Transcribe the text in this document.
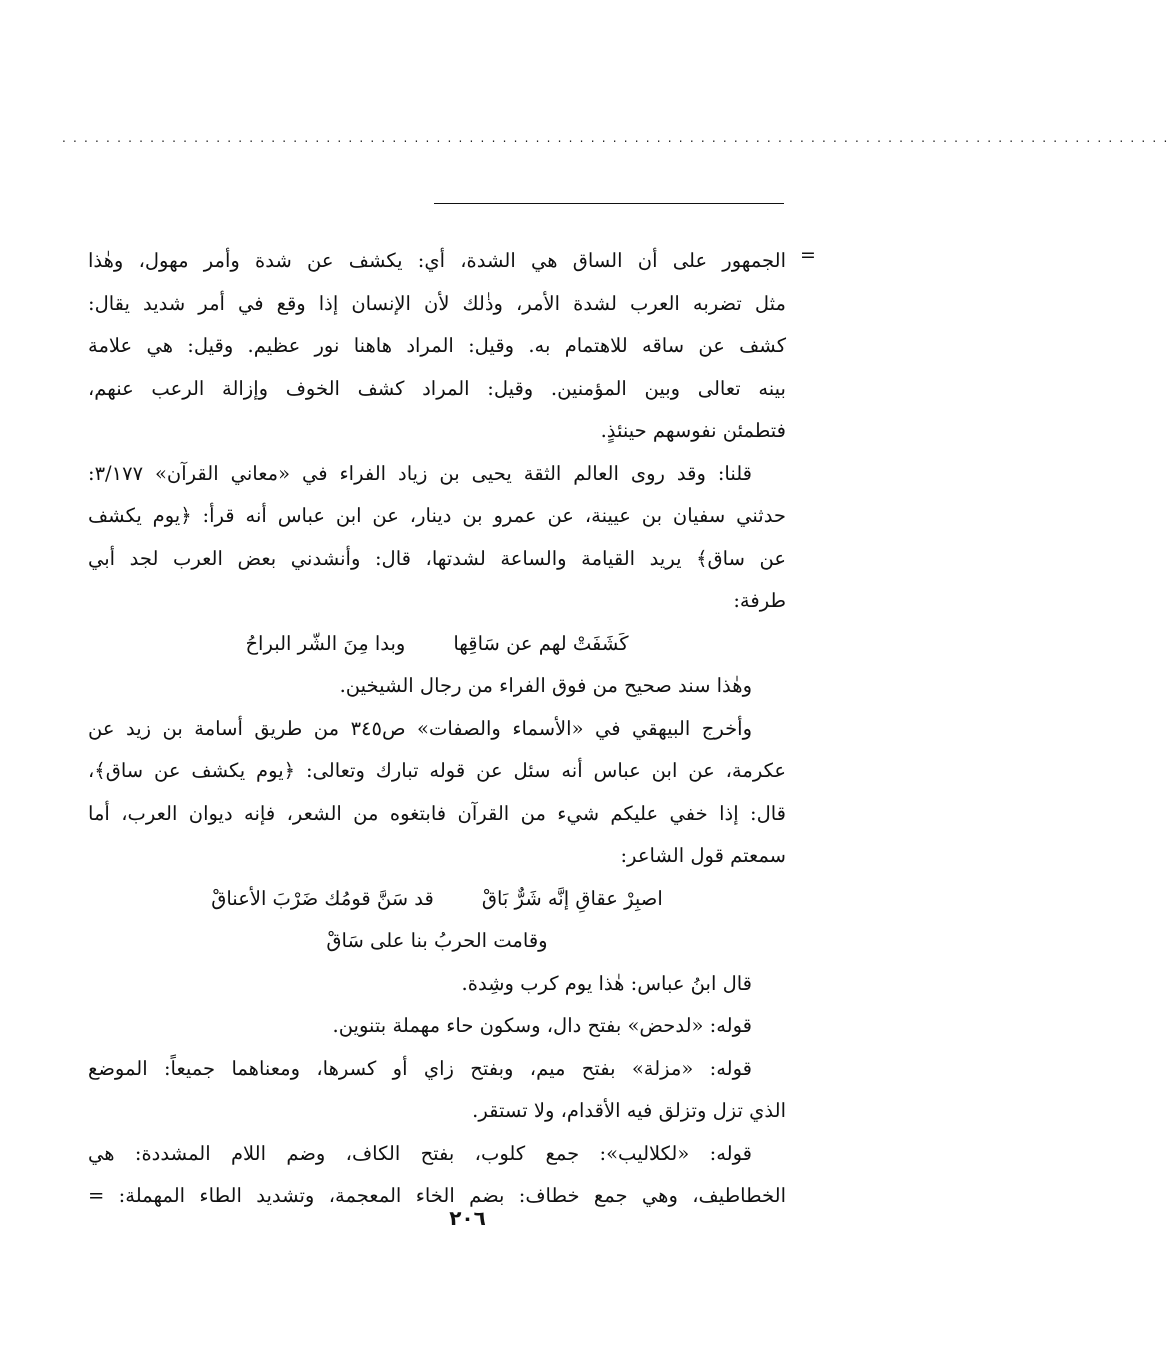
.....................................................................................................
=
الجمهور على أن الساق هي الشدة، أي: يكشف عن شدة وأمر مهول، وهٰذا
مثل تضربه العرب لشدة الأمر، وذٰلك لأن الإنسان إذا وقع في أمر شديد يقال:
كشف عن ساقه للاهتمام به. وقيل: المراد هاهنا نور عظيم. وقيل: هي علامة
بينه تعالى وبين المؤمنين. وقيل: المراد كشف الخوف وإزالة الرعب عنهم،
فتطمئن نفوسهم حينئذٍ.
قلنا: وقد روى العالم الثقة يحيى بن زياد الفراء في «معاني القرآن» ٣/١٧٧:
حدثني سفيان بن عيينة، عن عمرو بن دينار، عن ابن عباس أنه قرأ: ﴿يوم يكشف
عن ساق﴾ يريد القيامة والساعة لشدتها، قال: وأنشدني بعض العرب لجد أبي
طرفة:
كَشَفَتْ لهم عن سَاقِهاوبدا مِنَ الشّر البراحُ
وهٰذا سند صحيح من فوق الفراء من رجال الشيخين.
وأخرج البيهقي في «الأسماء والصفات» ص٣٤٥ من طريق أسامة بن زيد عن
عكرمة، عن ابن عباس أنه سئل عن قوله تبارك وتعالى: ﴿يوم يكشف عن ساق﴾،
قال: إذا خفي عليكم شيء من القرآن فابتغوه من الشعر، فإنه ديوان العرب، أما
سمعتم قول الشاعر:
اصبِرْ عقاقِ إنَّه شَرٌّ بَاقْقد سَنَّ قومُك ضَرْبَ الأعناقْ
وقامت الحربُ بنا على سَاقْ
قال ابنُ عباس: هٰذا يوم كرب وشِدة.
قوله: «لدحض» بفتح دال، وسكون حاء مهملة بتنوين.
قوله: «مزلة» بفتح ميم، وبفتح زاي أو كسرها، ومعناهما جميعاً: الموضع
الذي تزل وتزلق فيه الأقدام، ولا تستقر.
قوله: «لكلاليب»: جمع كلوب، بفتح الكاف، وضم اللام المشددة: هي
الخطاطيف، وهي جمع خطاف: بضم الخاء المعجمة، وتشديد الطاء المهملة: =
٢٠٦
